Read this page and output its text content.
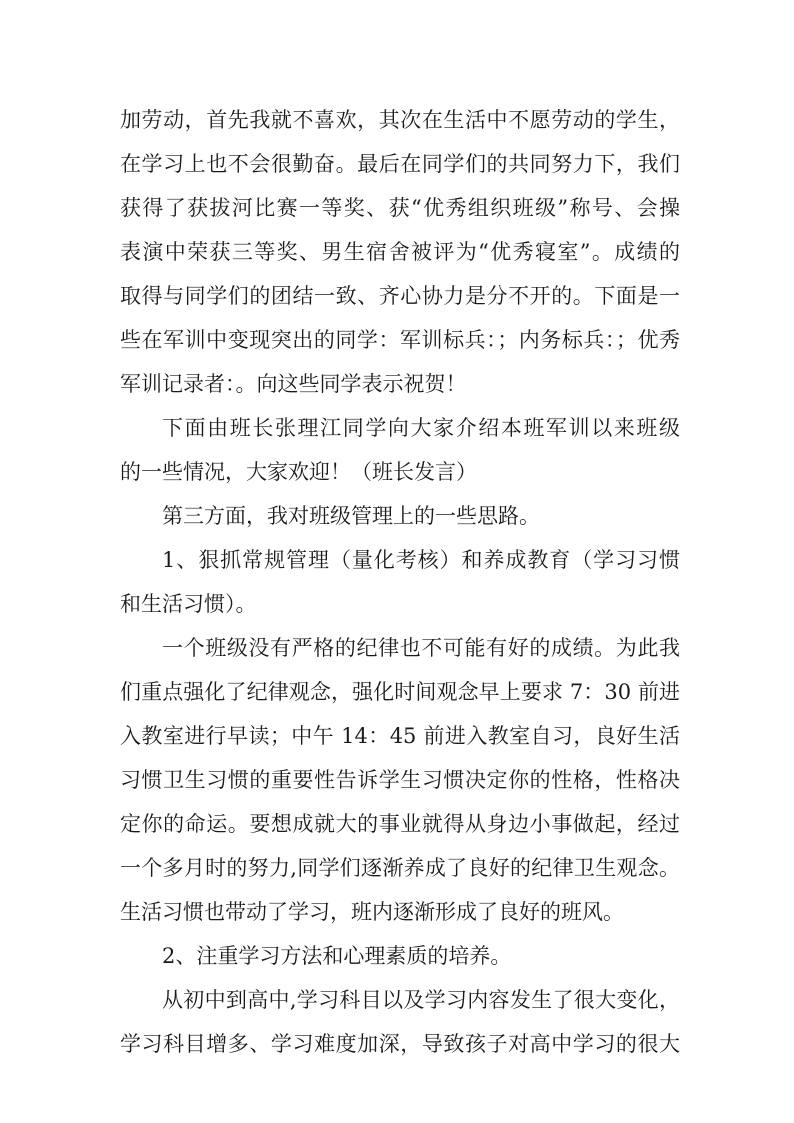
加劳动，首先我就不喜欢，其次在生活中不愿劳动的学生，
在学习上也不会很勤奋。最后在同学们的共同努力下，我们
获得了获拔河比赛一等奖、获“优秀组织班级”称号、会操
表演中荣获三等奖、男生宿舍被评为“优秀寝室”。成绩的
取得与同学们的团结一致、齐心协力是分不开的。下面是一
些在军训中变现突出的同学：军训标兵：；内务标兵：；优秀
军训记录者：。向这些同学表示祝贺！
下面由班长张理江同学向大家介绍本班军训以来班级
的一些情况，大家欢迎！（班长发言）
第三方面，我对班级管理上的一些思路。
1、狠抓常规管理（量化考核）和养成教育（学习习惯
和生活习惯）。
一个班级没有严格的纪律也不可能有好的成绩。为此我
们重点强化了纪律观念，强化时间观念早上要求 7：30 前进
入教室进行早读；中午 14：45 前进入教室自习，良好生活
习惯卫生习惯的重要性告诉学生习惯决定你的性格，性格决
定你的命运。要想成就大的事业就得从身边小事做起，经过
一个多月时的努力,同学们逐渐养成了良好的纪律卫生观念。
生活习惯也带动了学习，班内逐渐形成了良好的班风。
2、注重学习方法和心理素质的培养。
从初中到高中,学习科目以及学习内容发生了很大变化，
学习科目增多、学习难度加深，导致孩子对高中学习的很大
